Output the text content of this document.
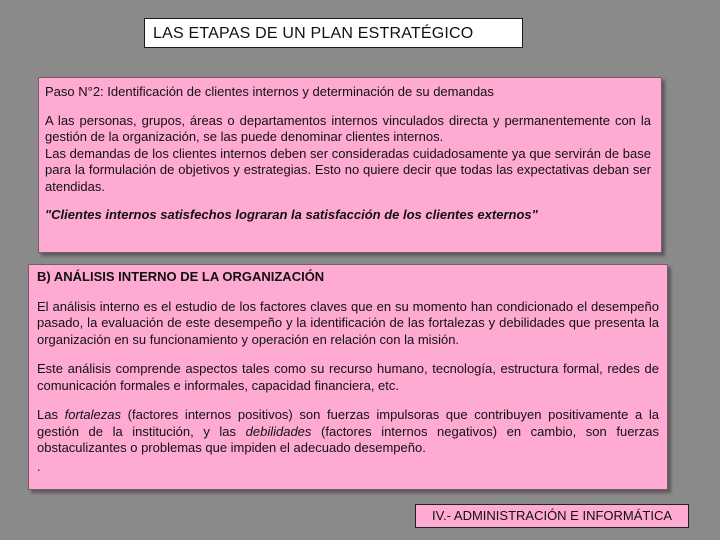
LAS ETAPAS DE UN PLAN ESTRATÉGICO

Paso N°2: Identificación de clientes internos y determinación de su demandas

A las personas, grupos, áreas o departamentos internos vinculados directa y permanentemente con la gestión de la organización, se las puede denominar clientes internos.

Las demandas de los clientes internos deben ser consideradas cuidadosamente ya que servirán de base para la formulación de objetivos y estrategias. Esto no quiere decir que todas las expectativas deban ser atendidas.

"Clientes internos satisfechos lograran la satisfacción de los clientes externos"

B) ANÁLISIS INTERNO DE LA ORGANIZACIÓN

El análisis interno es el estudio de los factores claves que en su momento han condicionado el desempeño pasado, la evaluación de este desempeño y la identificación de las fortalezas y debilidades que presenta la organización en su funcionamiento y operación en relación con la misión.

Este análisis comprende aspectos tales como su recurso humano, tecnología, estructura formal, redes de comunicación formales e informales, capacidad financiera, etc.

Las fortalezas (factores internos positivos) son fuerzas impulsoras que contribuyen positivamente a la gestión de la institución, y las debilidades (factores internos negativos) en cambio, son fuerzas obstaculizantes o problemas que impiden el adecuado desempeño.

.

IV.- ADMINISTRACIÓN E INFORMÁTICA
